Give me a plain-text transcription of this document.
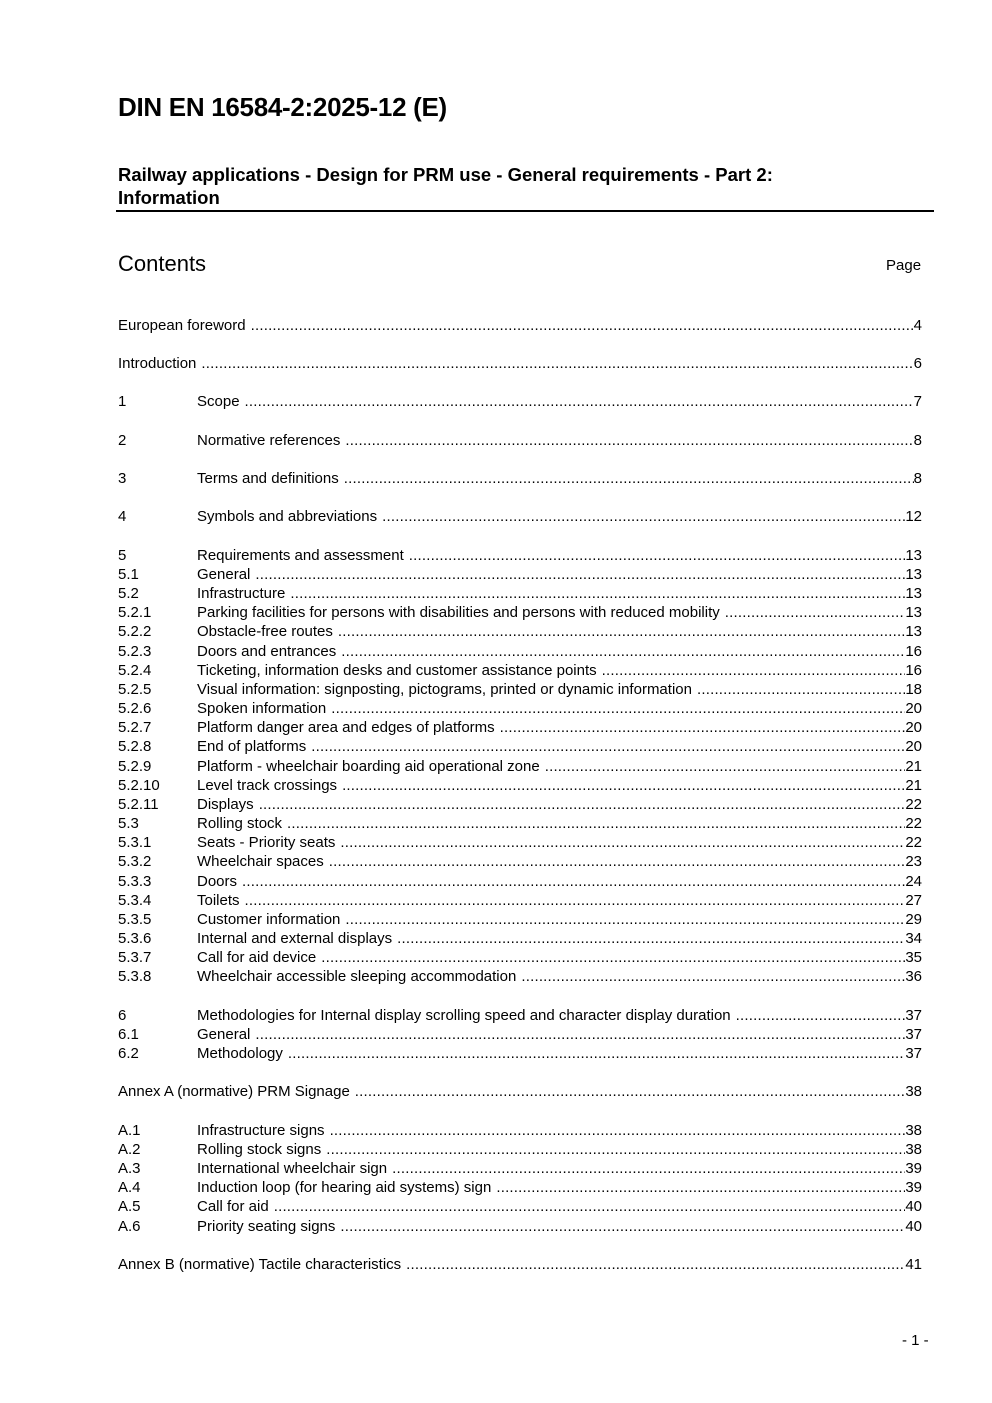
DIN EN 16584-2:2025-12 (E)
Railway applications - Design for PRM use - General requirements - Part 2: Information
Contents	Page
European foreword .....	4
Introduction .....	6
1	Scope .....	7
2	Normative references .....	8
3	Terms and definitions .....	8
4	Symbols and abbreviations .....	12
5	Requirements and assessment .....	13
5.1	General .....	13
5.2	Infrastructure .....	13
5.2.1	Parking facilities for persons with disabilities and persons with reduced mobility .....	13
5.2.2	Obstacle-free routes .....	13
5.2.3	Doors and entrances .....	16
5.2.4	Ticketing, information desks and customer assistance points .....	16
5.2.5	Visual information: signposting, pictograms, printed or dynamic information .....	18
5.2.6	Spoken information .....	20
5.2.7	Platform danger area and edges of platforms .....	20
5.2.8	End of platforms .....	20
5.2.9	Platform - wheelchair boarding aid operational zone .....	21
5.2.10	Level track crossings .....	21
5.2.11	Displays .....	22
5.3	Rolling stock .....	22
5.3.1	Seats - Priority seats .....	22
5.3.2	Wheelchair spaces .....	23
5.3.3	Doors .....	24
5.3.4	Toilets .....	27
5.3.5	Customer information .....	29
5.3.6	Internal and external displays .....	34
5.3.7	Call for aid device .....	35
5.3.8	Wheelchair accessible sleeping accommodation .....	36
6	Methodologies for Internal display scrolling speed and character display duration .....	37
6.1	General .....	37
6.2	Methodology .....	37
Annex A (normative) PRM Signage .....	38
A.1	Infrastructure signs .....	38
A.2	Rolling stock signs .....	38
A.3	International wheelchair sign .....	39
A.4	Induction loop (for hearing aid systems) sign .....	39
A.5	Call for aid .....	40
A.6	Priority seating signs .....	40
Annex B (normative) Tactile characteristics .....	41
- 1 -
